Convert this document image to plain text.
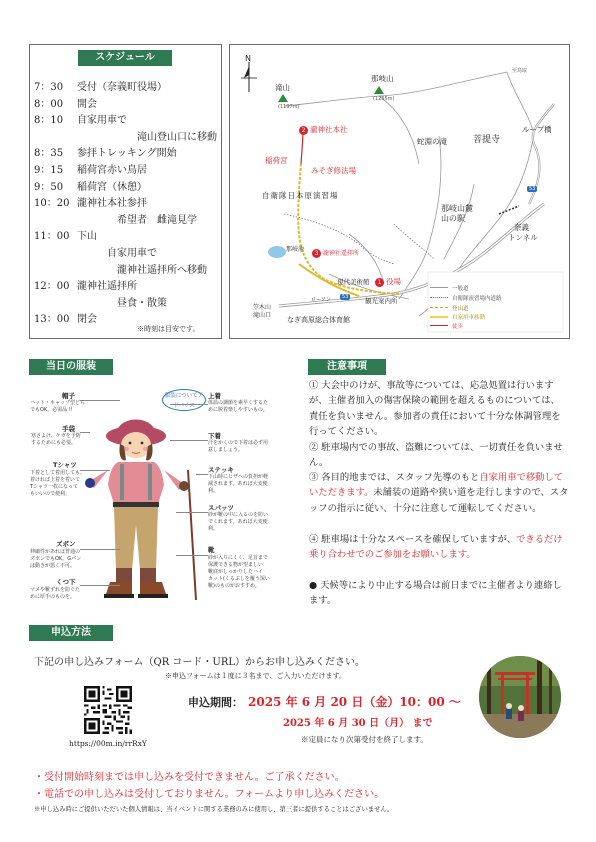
スケジュール
7：30 受付（奈義町役場）
8：00 開会
8：10 自家用車で
滝山登山口に移動
8：35 参拝トレッキング開始
9：15 稲荷宮赤い鳥居
9：50 稲荷宮（休憩）
10：20 瀧神社本社参拝
希望者　雌滝見学
11：00 下山
自家用車で
瀧神社遥拝所へ移動
12：00 瀧神社遥拝所
昼食・散策
13：00 閉会
※時刻は目安です。
N
滝山
(1197m)
那岐山
(1255m)
至鳥取
2 瀧神社本社
稲荷宮
みそぎ修法場
蛇淵の滝
ループ橋
菩提寺
自衛隊日本原演習場
那岐山麓
山の駅
奈義
トンネル
那岐池
3 瀧神社遥拝所
現代美術館	1 役場
観光案内所
ローソン
笠木山
滝山口
なぎ高原総合体育館
53
53
一般道
自衛隊演習場内道路
登山道
自家用車移動
徒歩
当日の服装
服装についてアドバイス
帽子
ハット・キャップ型どら
でもOK。必需品 !!
手袋
寒さよけ、ケガを予防
するためにも必要。
Tシャツ
下着として着用しても。
着ければ上着を着いて
Tシャツ一枚になって
もいいので便利。
ズボン
伸縮性があれば普通の
ズボンでもOK。Gパン
は動きが悪く不可。
くつ下
マメや靴ずれを防ぐた
めに厚手のものを。
上着
体温の調節を素早くするた
めに脱着楽しやすいもの。
下着
汗をかくので下着は必ず用
意しましょう。
ステッキ
下山時にヒザへの負担が軽
減されます。あれば大変便
利。
スパッツ
砂が靴の中に入るのを防い
でくれます。あれば大変便
利。
靴
砂が入りにくく、足首まで
保護できる物が望ましい
靴底がしっかりしたハイ
カット(くるぶしを覆う深い
靴)のものがおすすめ。
注意事項
① 大会中のけが、事故等については、応急処置は行いますが、主催者加入の傷害保険の範囲を超えるものについては、責任を負いません。参加者の責任において十分な体調管理を行ってください。
② 駐車場内での事故、盗難については、一切責任を負いません。
③ 各目的地までは、スタッフ先導のもと自家用車で移動していただきます。未舗装の道路や狭い道を走行しますので、スタッフの指示に従い、十分に注意して運転してください。
④ 駐車場は十分なスペースを確保していますが、できるだけ乗り合わせでのご参加をお願いします。
● 天候等により中止する場合は前日までに主催者より連絡します。
申込方法
下記の申し込みフォーム（QR コード・URL）からお申し込みください。
※申込フォームは１度に３名まで、ご入力いただけます。
https://00m.in/rrRxY
申込期間： 2025 年 6 月 20 日（金）10：00 ～
2025 年 6 月 30 日（月） まで
※定員になり次第受付を終了します。
・受付開始時刻までは申し込みを受付できません。ご了承ください。
・電話での申し込みは受付しておりません。フォームより申し込みください。
※申し込み時にご提供いただいた個人情報は、当イベントに関する業務のみに使用し、第三者に提供することはございません。
